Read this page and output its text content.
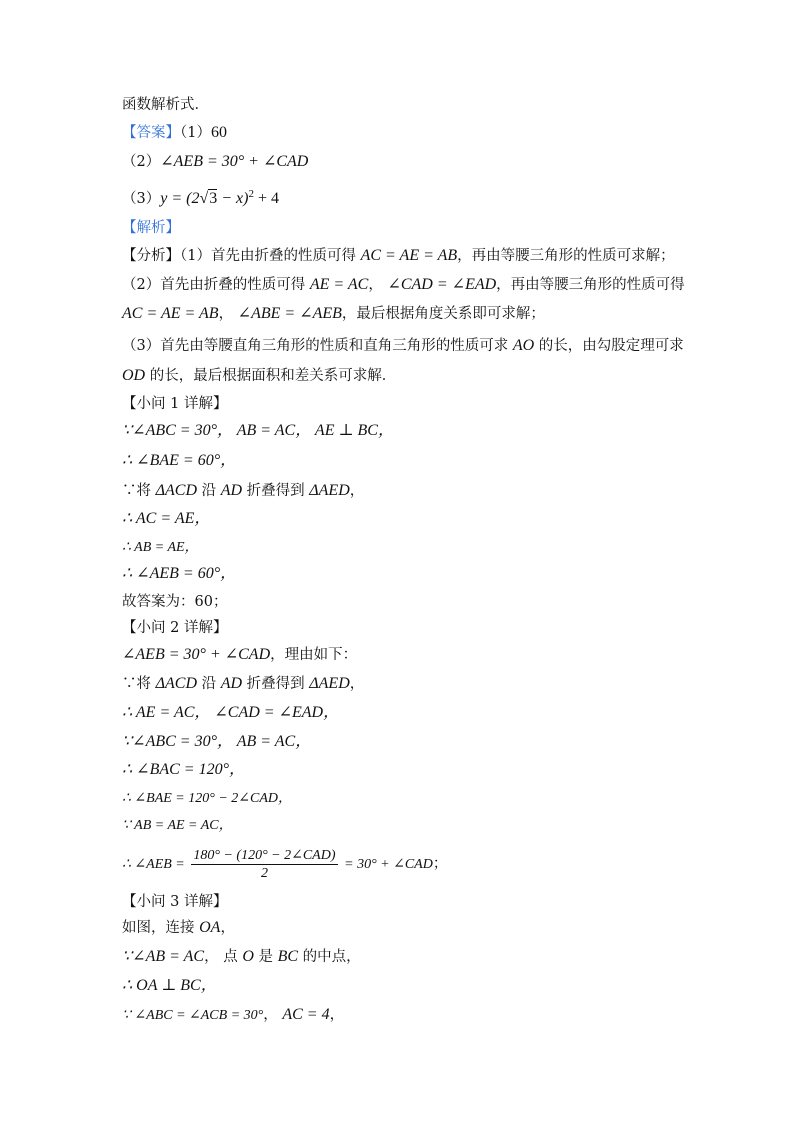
函数解析式．
【答案】（1）60
（2）∠AEB = 30° + ∠CAD
$(3)y = (2√3 - x)^2 + 4$
【解析】
【分析】（1）首先由折叠的性质可得 AC = AE = AB，再由等腰三角形的性质可求解；
（2）首先由折叠的性质可得 AE = AC， ∠CAD = ∠EAD，再由等腰三角形的性质可得
AC = AE = AB， ∠ABE = ∠AEB，最后根据角度关系即可求解；
（3）首先由等腰直角三角形的性质和直角三角形的性质可求 AO 的长，由勾股定理可求
OD 的长，最后根据面积和差关系可求解．
【小问 1 详解】
∵∠ABC = 30°， AB = AC， AE ⊥ BC，
∴ ∠BAE = 60°，
∵将 ΔACD 沿 AD 折叠得到 ΔAED，
∴ AC = AE，
∴ AB = AE，
∴ ∠AEB = 60°，
故答案为：60；
【小问 2 详解】
∠AEB = 30° + ∠CAD，理由如下：
∵将 ΔACD 沿 AD 折叠得到 ΔAED，
∴ AE = AC， ∠CAD = ∠EAD，
∵∠ABC = 30°， AB = AC，
∴ ∠BAC = 120°，
∴ ∠BAE = 120° − 2∠CAD，
∵ AB = AE = AC，
∴ ∠AEB = $\frac{\text{180° − (120° − 2∠CAD)}}{2} = 30^\circ$ + ∠CAD；
【小问 3 详解】
如图，连接 OA，
∵∠AB = AC， 点 O 是 BC 的中点，
∴ OA ⊥ BC，
∵ ∠ABC = ∠ACB = 30°， AC = 4，
